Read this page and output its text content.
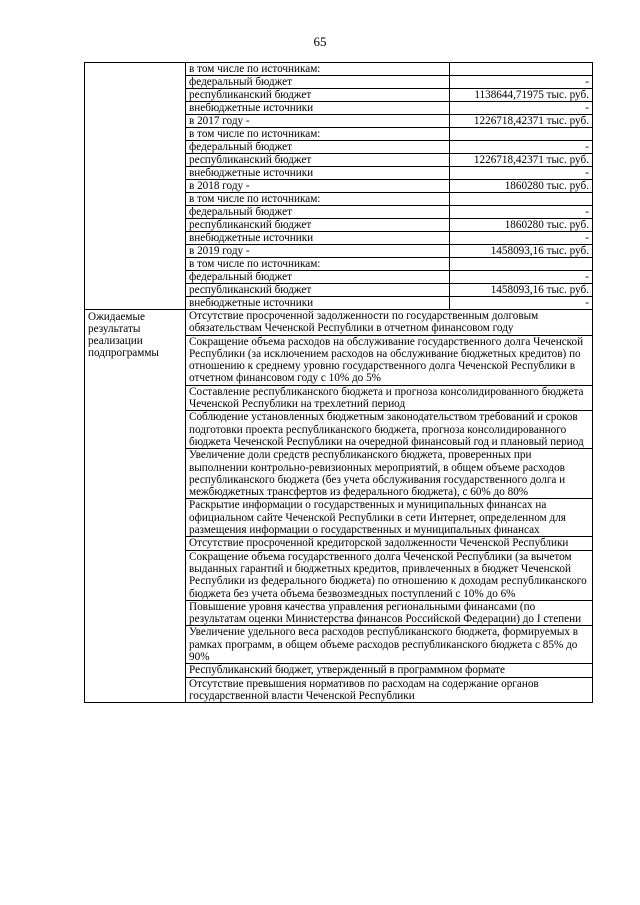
65
	в том числе по источникам:	
	федеральный бюджет	-
	республиканский бюджет	1138644,71975 тыс. руб.
	внебюджетные источники	-
	в 2017 году -	1226718,42371 тыс. руб.
	в том числе по источникам:	
	федеральный бюджет	-
	республиканский бюджет	1226718,42371 тыс. руб.
	внебюджетные источники	-
	в 2018 году -	1860280 тыс. руб.
	в том числе по источникам:	
	федеральный бюджет	-
	республиканский бюджет	1860280 тыс. руб.
	внебюджетные источники	-
	в 2019 году -	1458093,16 тыс. руб.
	в том числе по источникам:	
	федеральный бюджет	-
	республиканский бюджет	1458093,16 тыс. руб.
	внебюджетные источники	-
Ожидаемые результаты реализации подпрограммы	Отсутствие просроченной задолженности по государственным долговым обязательствам Чеченской Республики в отчетном финансовом году	
	Сокращение объема расходов на обслуживание государственного долга Чеченской Республики (за исключением расходов на обслуживание бюджетных кредитов) по отношению к среднему уровню государственного долга Чеченской Республики в отчетном финансовом году с 10% до 5%	
	Составление республиканского бюджета и прогноза консолидированного бюджета Чеченской Республики на трехлетний период	
	Соблюдение установленных бюджетным законодательством требований и сроков подготовки проекта республиканского бюджета, прогноза консолидированного бюджета Чеченской Республики на очередной финансовый год и плановый период	
	Увеличение доли средств республиканского бюджета, проверенных при выполнении контрольно-ревизионных мероприятий, в общем объеме расходов республиканского бюджета (без учета обслуживания государственного долга и межбюджетных трансфертов из федерального бюджета), с 60% до 80%	
	Раскрытие информации о государственных и муниципальных финансах на официальном сайте Чеченской Республики в сети Интернет, определенном для размещения информации о государственных и муниципальных финансах	
	Отсутствие просроченной кредиторской задолженности Чеченской Республики	
	Сокращение объема государственного долга Чеченской Республики (за вычетом выданных гарантий и бюджетных кредитов, привлеченных в бюджет Чеченской Республики из федерального бюджета) по отношению к доходам республиканского бюджета без учета объема безвозмездных поступлений с 10% до 6%	
	Повышение уровня качества управления региональными финансами (по результатам оценки Министерства финансов Российской Федерации) до I степени	
	Увеличение удельного веса расходов республиканского бюджета, формируемых в рамках программ, в общем объеме расходов республиканского бюджета с 85% до 90%	
	Республиканский бюджет, утвержденный в программном формате	
	Отсутствие превышения нормативов по расходам на содержание органов государственной власти Чеченской Республики	
